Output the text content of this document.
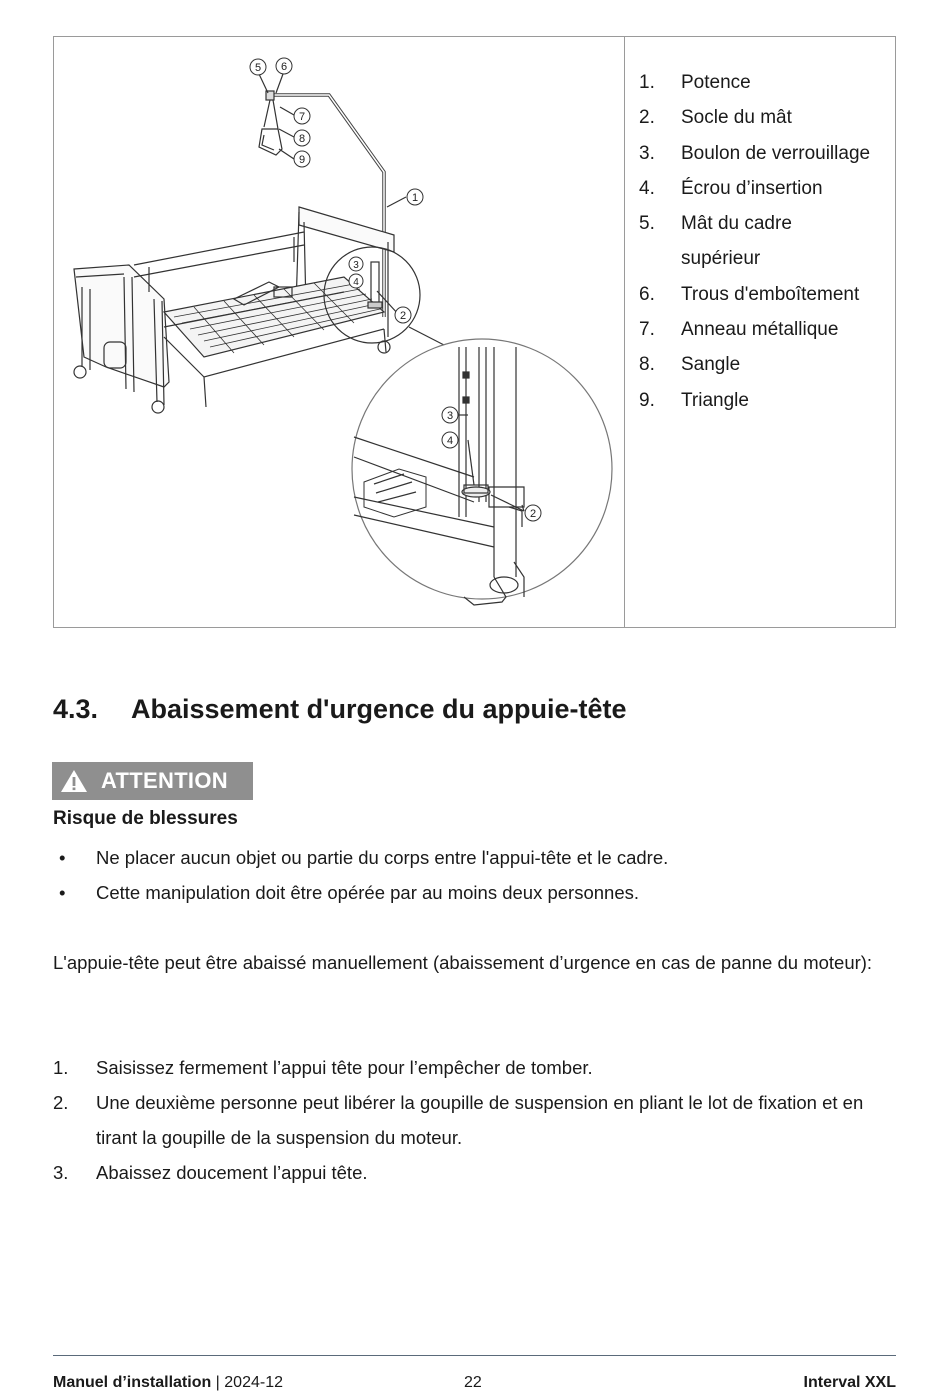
5 6
7
8
9
1
3
4
2
3
4
2
1.	Potence
2.	Socle du mât
3.	Boulon de verrouillage
4.	Écrou d’insertion
5.	Mât du cadre supérieur
6.	Trous d'emboîtement
7.	Anneau métallique
8.	Sangle
9.	Triangle
4.3.	Abaissement d'urgence du appuie-tête
ATTENTION
Risque de blessures
•	Ne placer aucun objet ou partie du corps entre l'appui-tête et le cadre.
•	Cette manipulation doit être opérée par au moins deux personnes.
L'appuie-tête peut être abaissé manuellement (abaissement d’urgence en cas de panne du moteur):
1.	Saisissez fermement l’appui tête pour l’empêcher de tomber.
2.	Une deuxième personne peut libérer la goupille de suspension en pliant le lot de fixation et en tirant la goupille de la suspension du moteur.
3.	Abaissez doucement l’appui tête.
Manuel d’installation | 2024-12	22	Interval XXL
